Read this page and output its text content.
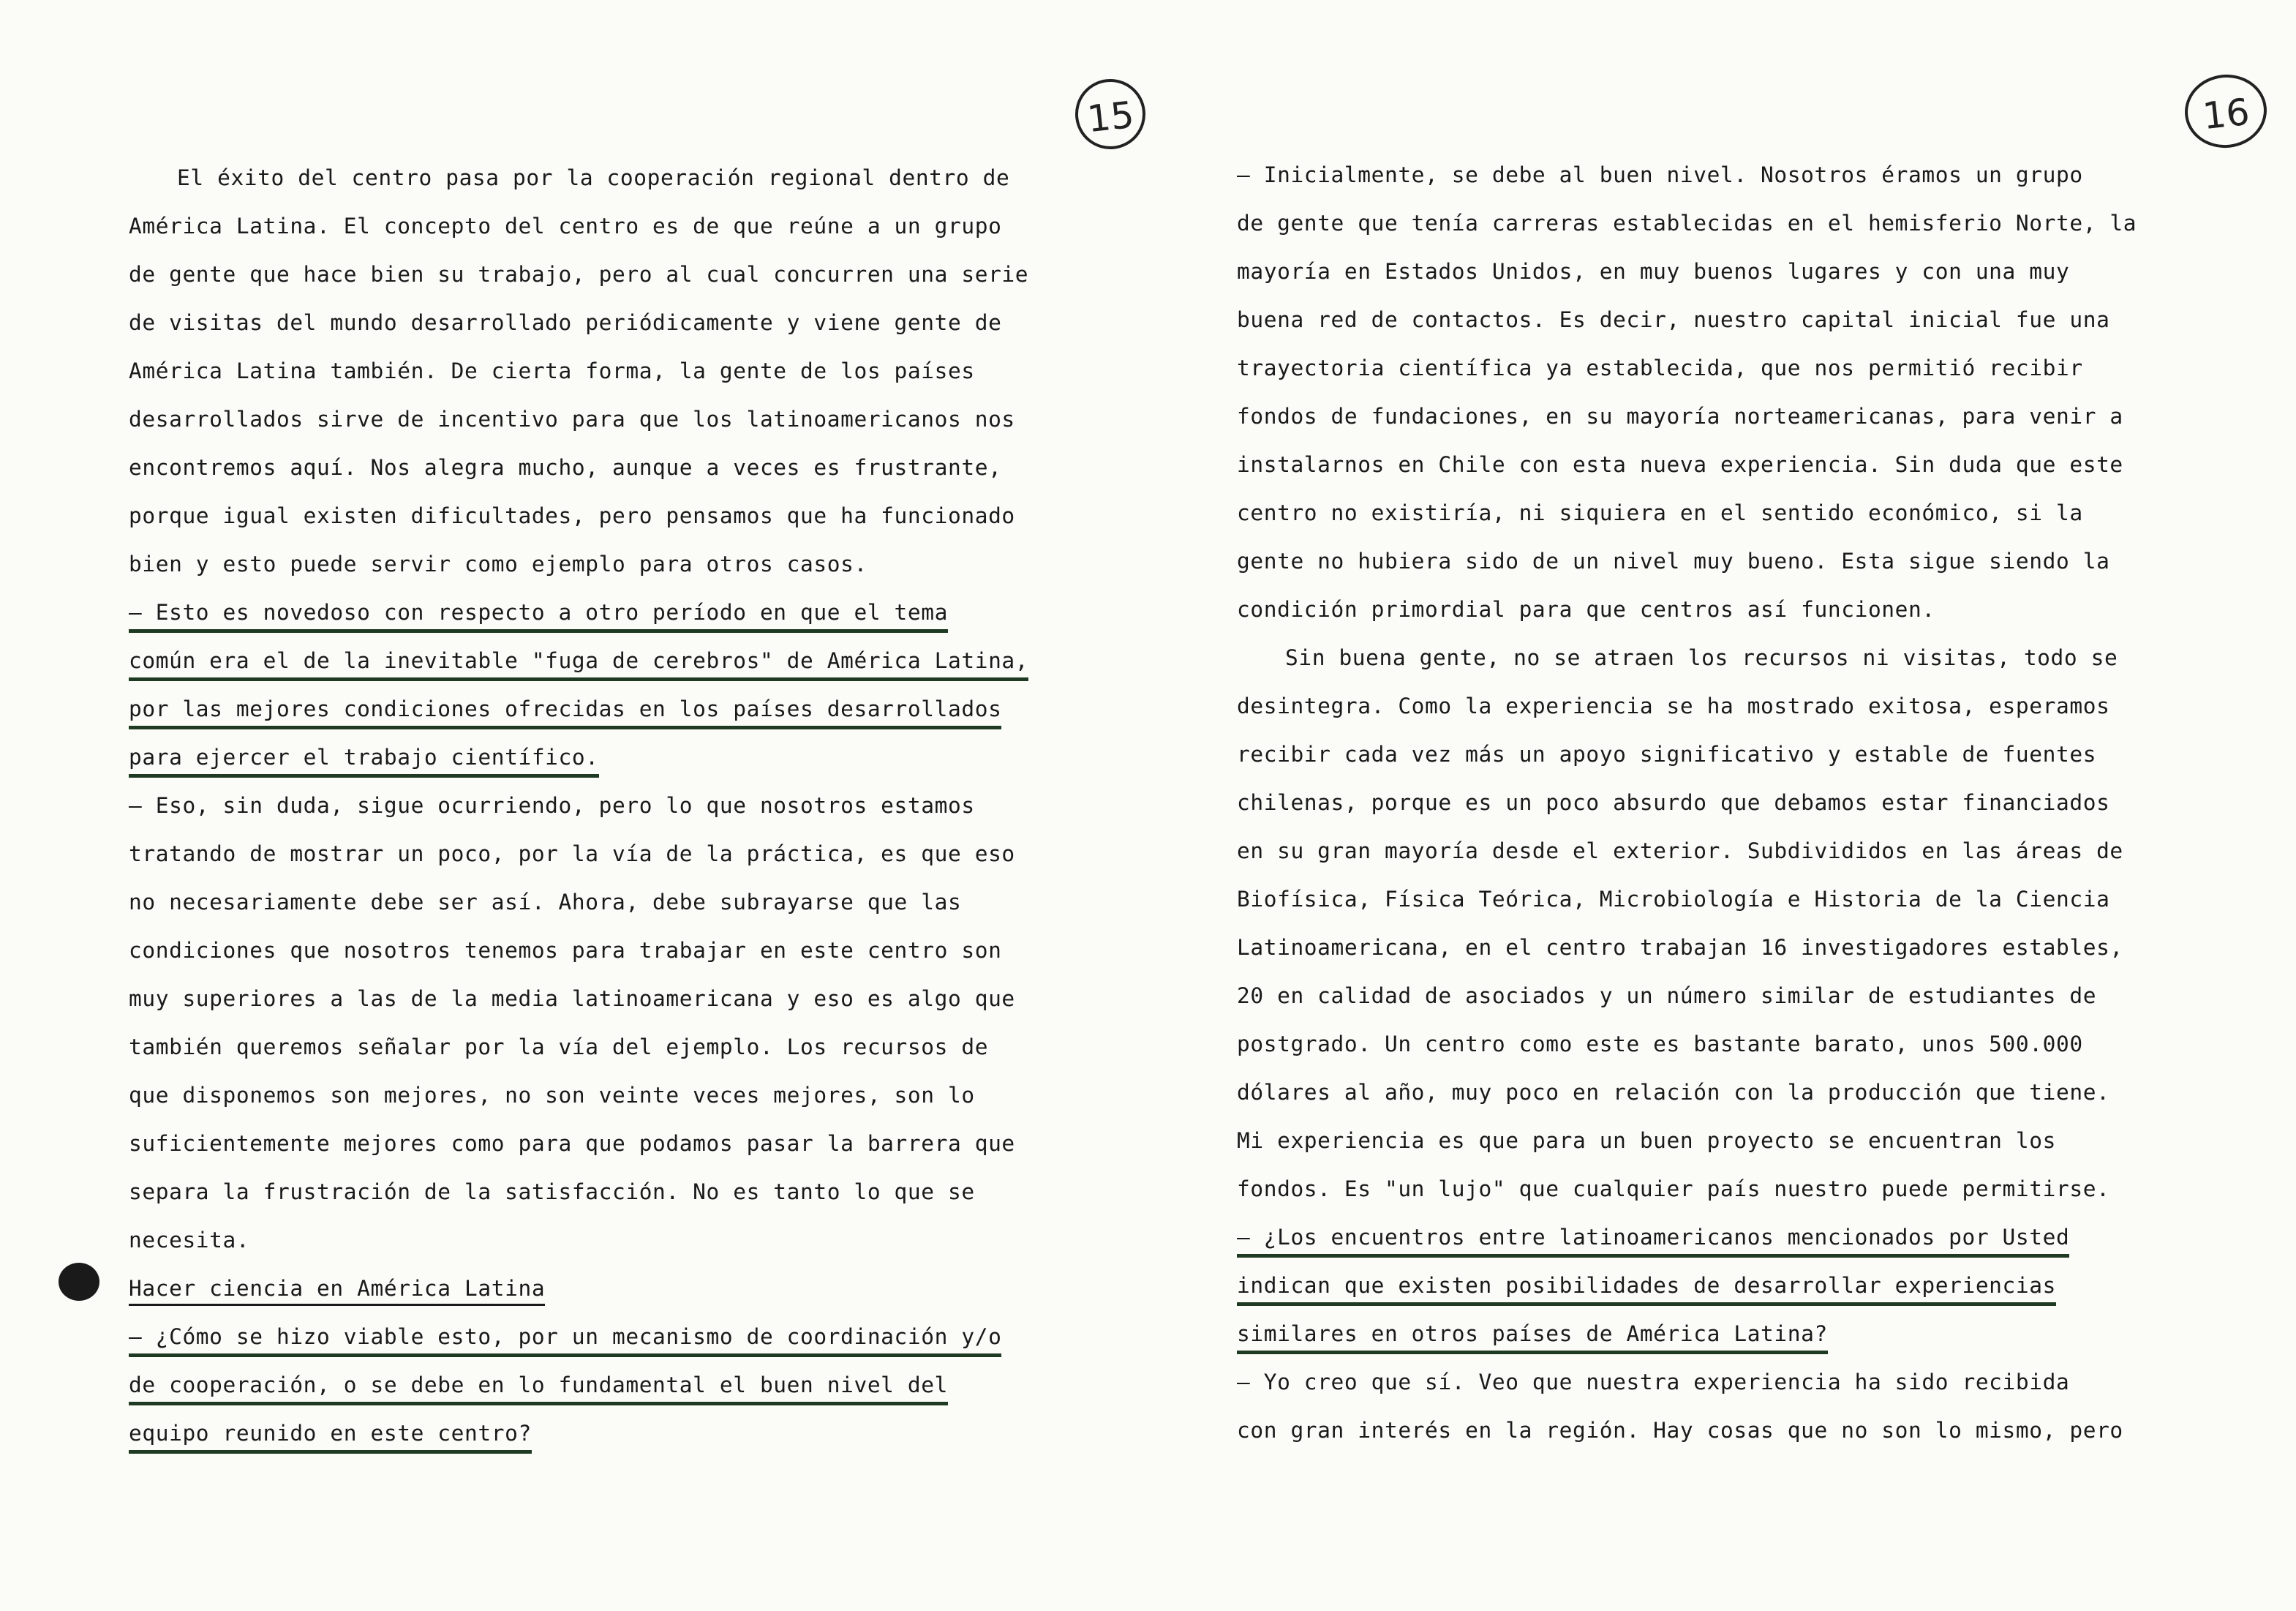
15
El éxito del centro pasa por la cooperación regional dentro de
América Latina. El concepto del centro es de que reúne a un grupo
de gente que hace bien su trabajo, pero al cual concurren una serie
de visitas del mundo desarrollado periódicamente y viene gente de
América Latina también. De cierta forma, la gente de los países
desarrollados sirve de incentivo para que los latinoamericanos nos
encontremos aquí. Nos alegra mucho, aunque a veces es frustrante,
porque igual existen dificultades, pero pensamos que ha funcionado
bien y esto puede servir como ejemplo para otros casos.
– Esto es novedoso con respecto a otro período en que el tema
común era el de la inevitable "fuga de cerebros" de América Latina,
por las mejores condiciones ofrecidas en los países desarrollados
para ejercer el trabajo científico.
– Eso, sin duda, sigue ocurriendo, pero lo que nosotros estamos
tratando de mostrar un poco, por la vía de la práctica, es que eso
no necesariamente debe ser así. Ahora, debe subrayarse que las
condiciones que nosotros tenemos para trabajar en este centro son
muy superiores a las de la media latinoamericana y eso es algo que
también queremos señalar por la vía del ejemplo. Los recursos de
que disponemos son mejores, no son veinte veces mejores, son lo
suficientemente mejores como para que podamos pasar la barrera que
separa la frustración de la satisfacción. No es tanto lo que se
necesita.
Hacer ciencia en América Latina
– ¿Cómo se hizo viable esto, por un mecanismo de coordinación y/o
de cooperación, o se debe en lo fundamental el buen nivel del
equipo reunido en este centro?
16
– Inicialmente, se debe al buen nivel. Nosotros éramos un grupo
de gente que tenía carreras establecidas en el hemisferio Norte, la
mayoría en Estados Unidos, en muy buenos lugares y con una muy
buena red de contactos. Es decir, nuestro capital inicial fue una
trayectoria científica ya establecida, que nos permitió recibir
fondos de fundaciones, en su mayoría norteamericanas, para venir a
instalarnos en Chile con esta nueva experiencia. Sin duda que este
centro no existiría, ni siquiera en el sentido económico, si la
gente no hubiera sido de un nivel muy bueno. Esta sigue siendo la
condición primordial para que centros así funcionen.
Sin buena gente, no se atraen los recursos ni visitas, todo se
desintegra. Como la experiencia se ha mostrado exitosa, esperamos
recibir cada vez más un apoyo significativo y estable de fuentes
chilenas, porque es un poco absurdo que debamos estar financiados
en su gran mayoría desde el exterior. Subdivididos en las áreas de
Biofísica, Física Teórica, Microbiología e Historia de la Ciencia
Latinoamericana, en el centro trabajan 16 investigadores estables,
20 en calidad de asociados y un número similar de estudiantes de
postgrado. Un centro como este es bastante barato, unos 500.000
dólares al año, muy poco en relación con la producción que tiene.
Mi experiencia es que para un buen proyecto se encuentran los
fondos. Es "un lujo" que cualquier país nuestro puede permitirse.
– ¿Los encuentros entre latinoamericanos mencionados por Usted
indican que existen posibilidades de desarrollar experiencias
similares en otros países de América Latina?
– Yo creo que sí. Veo que nuestra experiencia ha sido recibida
con gran interés en la región. Hay cosas que no son lo mismo, pero
